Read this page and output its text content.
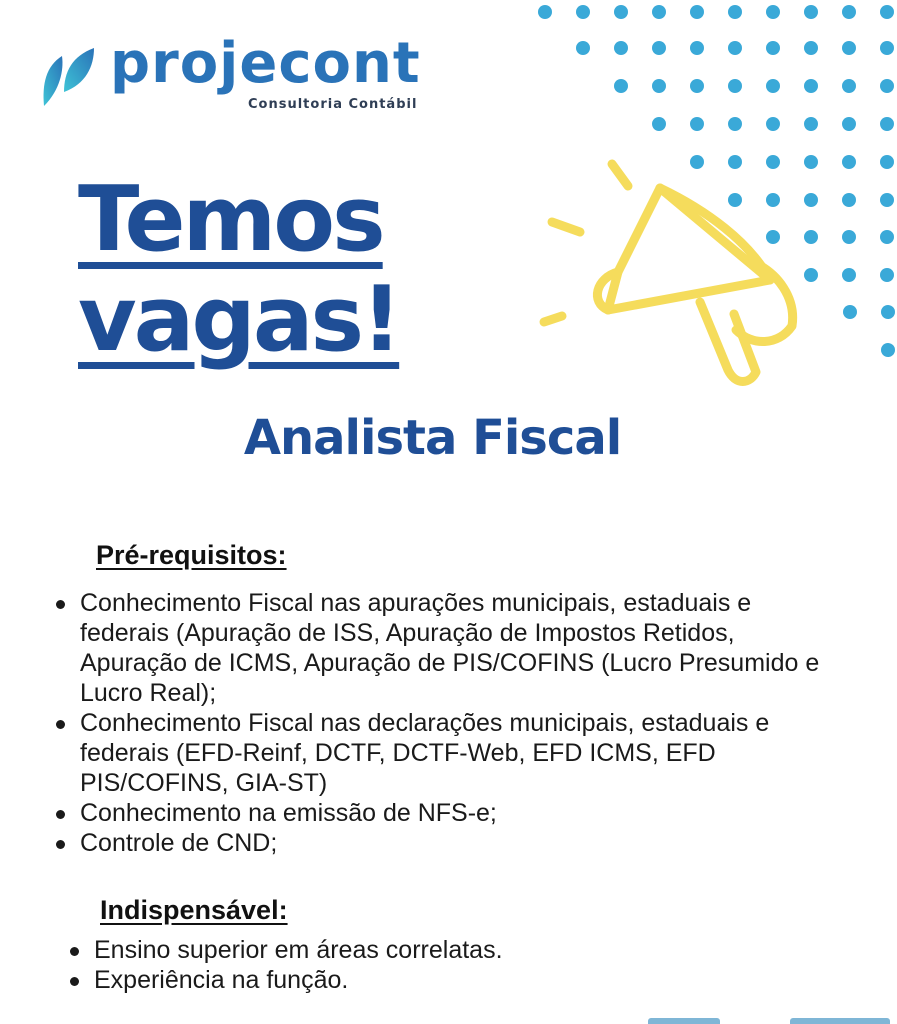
projecont
Consultoria Contábil
Temos
vagas!
Analista Fiscal
Pré-requisitos:
Conhecimento Fiscal nas apurações municipais, estaduais e federais (Apuração de ISS, Apuração de Impostos Retidos, Apuração de ICMS, Apuração de PIS/COFINS (Lucro Presumido e Lucro Real);
Conhecimento Fiscal nas declarações municipais, estaduais e federais (EFD-Reinf, DCTF, DCTF-Web, EFD ICMS, EFD PIS/COFINS, GIA-ST)
Conhecimento na emissão de NFS-e;
Controle de CND;
Indispensável:
Ensino superior em áreas correlatas.
Experiência na função.
